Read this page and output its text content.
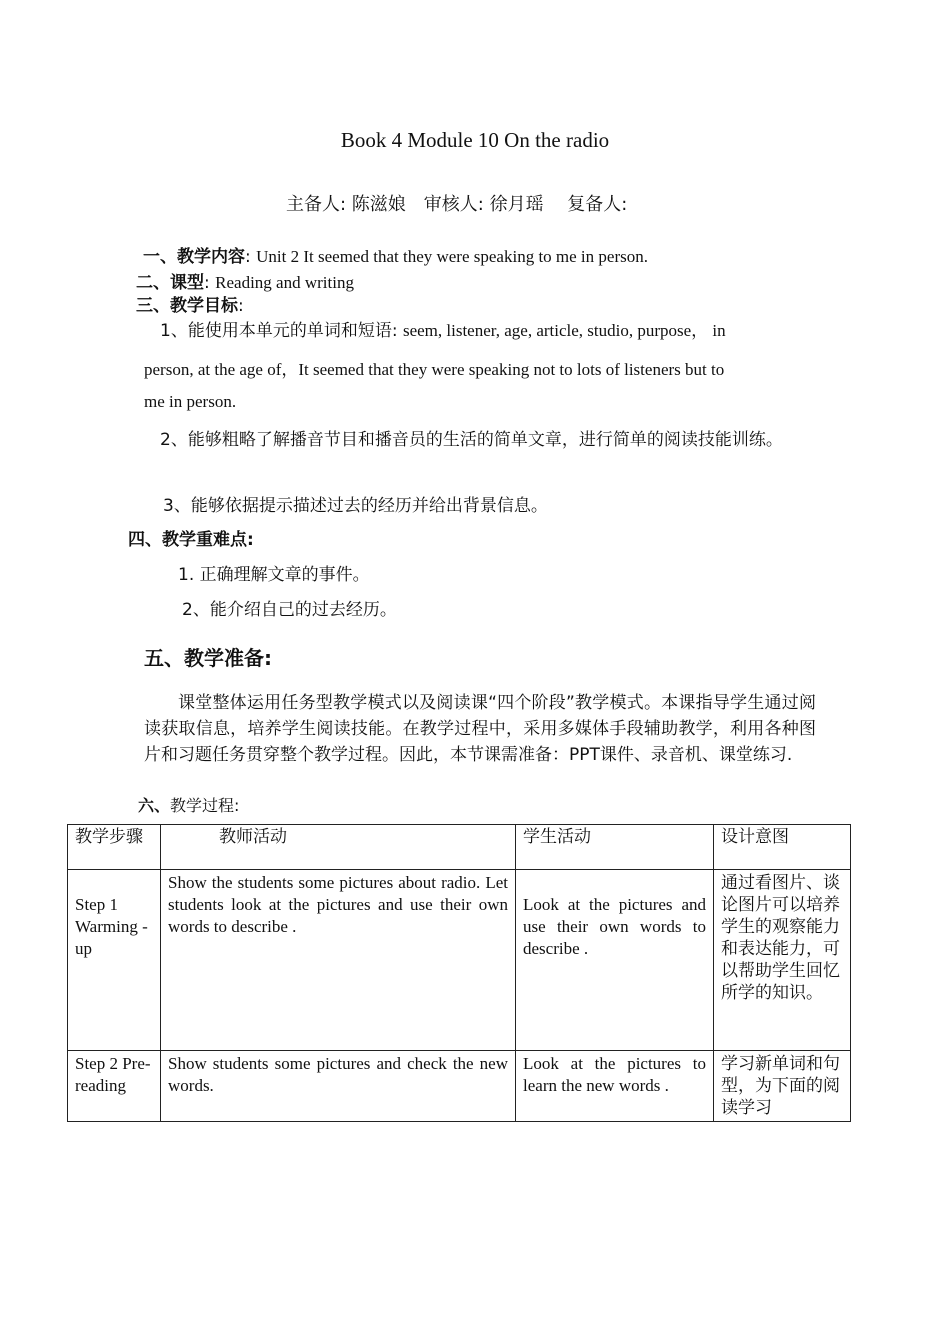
Book 4 Module 10 On the radio
主备人: 陈滋娘　审核人: 徐月瑶　 复备人:
一、教学内容: Unit 2 It seemed that they were speaking to me in person.
二、课型: Reading and writing
三、教学目标:
1、能使用本单元的单词和短语: seem, listener, age, article, studio, purpose， in
person, at the age of，It seemed that they were speaking not to lots of listeners but to
me in person.
2、能够粗略了解播音节目和播音员的生活的简单文章，进行简单的阅读技能训练。
3、能够依据提示描述过去的经历并给出背景信息。
四、教学重难点:
1. 正确理解文章的事件。
2、能介绍自己的过去经历。
五、教学准备:
课堂整体运用任务型教学模式以及阅读课“四个阶段”教学模式。本课指导学生通过阅读获取信息，培养学生阅读技能。在教学过程中，采用多媒体手段辅助教学，利用各种图片和习题任务贯穿整个教学过程。因此，本节课需准备：PPT课件、录音机、课堂练习.
六、教学过程:
教学步骤	教师活动	学生活动	设计意图
Step 1 Warming -up	Show the students some pictures about radio. Let students look at the pictures and use their own words to describe .	Look at the pictures and use their own words to describe .	通过看图片、谈论图片可以培养学生的观察能力和表达能力，可以帮助学生回忆所学的知识。
Step 2 Pre-reading	Show students some pictures and check the new words.	Look at the pictures to learn the new words .	学习新单词和句型，为下面的阅读学习
